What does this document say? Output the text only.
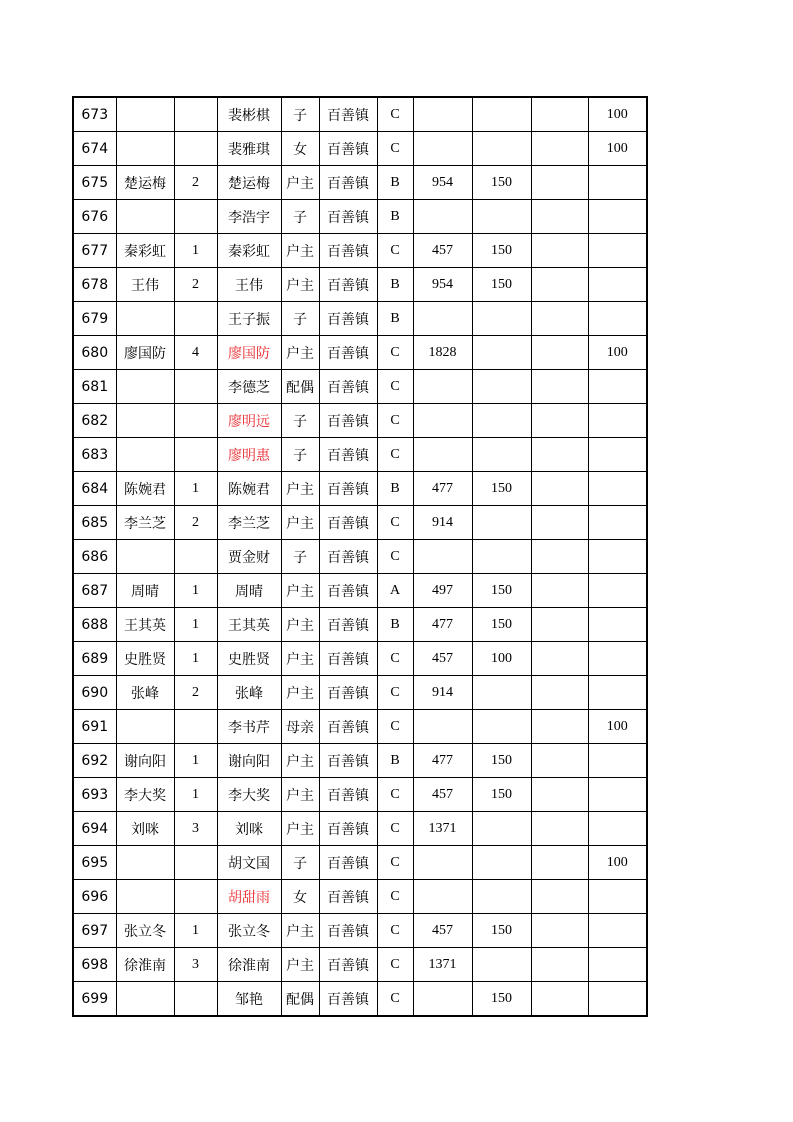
673			裴彬棋	子	百善镇	C				100
674			裴雅琪	女	百善镇	C				100
675	楚运梅	2	楚运梅	户主	百善镇	B	954	150		
676			李浩宇	子	百善镇	B				
677	秦彩虹	1	秦彩虹	户主	百善镇	C	457	150		
678	王伟	2	王伟	户主	百善镇	B	954	150		
679			王子振	子	百善镇	B				
680	廖国防	4	廖国防	户主	百善镇	C	1828			100
681			李德芝	配偶	百善镇	C				
682			廖明远	子	百善镇	C				
683			廖明惠	子	百善镇	C				
684	陈婉君	1	陈婉君	户主	百善镇	B	477	150		
685	李兰芝	2	李兰芝	户主	百善镇	C	914			
686			贾金财	子	百善镇	C				
687	周晴	1	周晴	户主	百善镇	A	497	150		
688	王其英	1	王其英	户主	百善镇	B	477	150		
689	史胜贤	1	史胜贤	户主	百善镇	C	457	100		
690	张峰	2	张峰	户主	百善镇	C	914			
691			李书芹	母亲	百善镇	C				100
692	谢向阳	1	谢向阳	户主	百善镇	B	477	150		
693	李大奖	1	李大奖	户主	百善镇	C	457	150		
694	刘咪	3	刘咪	户主	百善镇	C	1371			
695			胡文国	子	百善镇	C				100
696			胡甜雨	女	百善镇	C				
697	张立冬	1	张立冬	户主	百善镇	C	457	150		
698	徐淮南	3	徐淮南	户主	百善镇	C	1371			
699			邹艳	配偶	百善镇	C		150		
